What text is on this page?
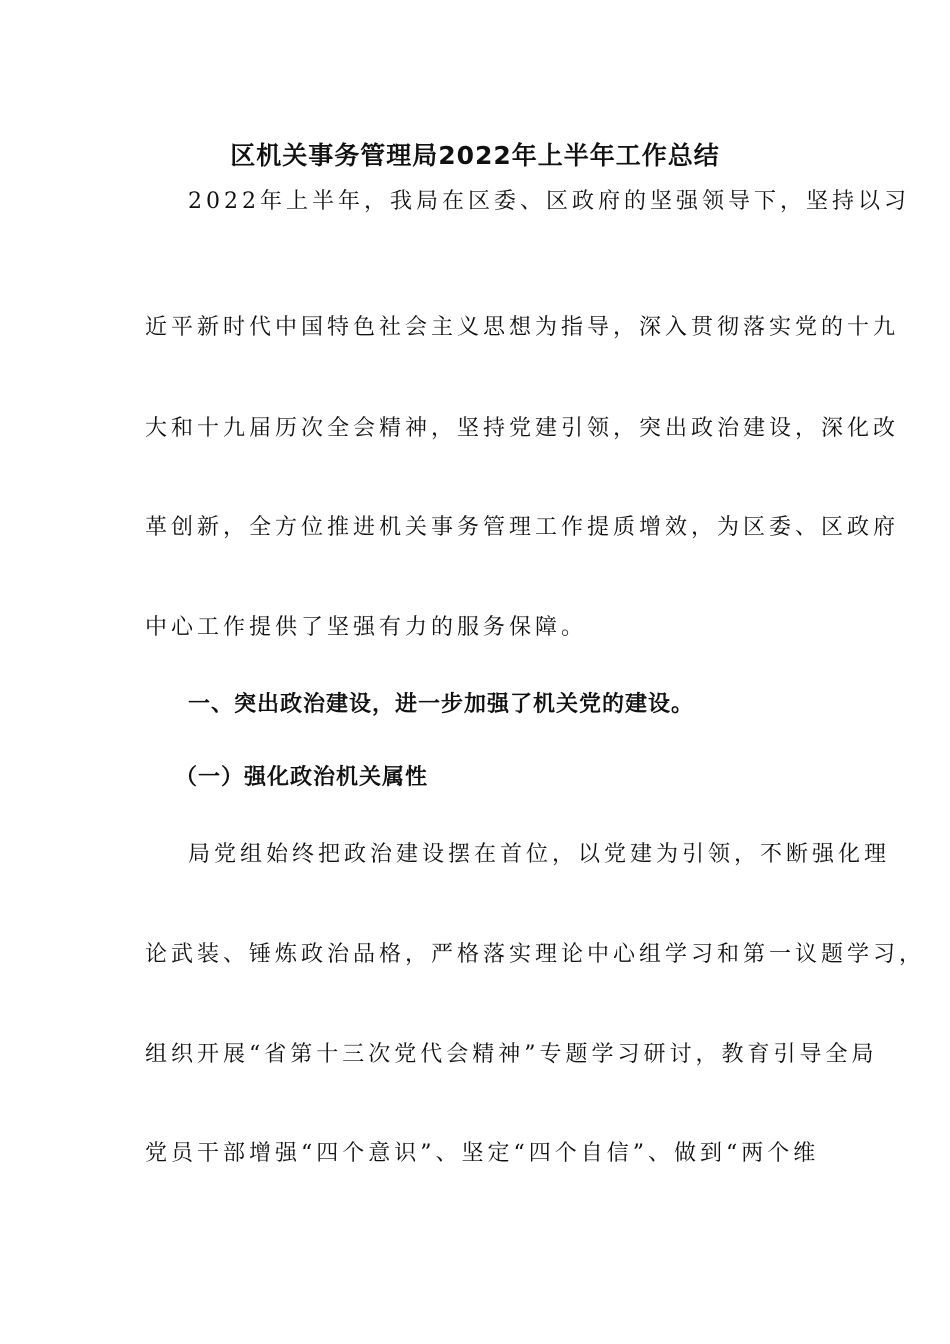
区机关事务管理局2022年上半年工作总结
2022年上半年，我局在区委、区政府的坚强领导下，坚持以习
近平新时代中国特色社会主义思想为指导，深入贯彻落实党的十九
大和十九届历次全会精神，坚持党建引领，突出政治建设，深化改
革创新，全方位推进机关事务管理工作提质增效，为区委、区政府
中心工作提供了坚强有力的服务保障。
一、突出政治建设，进一步加强了机关党的建设。
（一）强化政治机关属性
局党组始终把政治建设摆在首位，以党建为引领，不断强化理
论武装、锤炼政治品格，严格落实理论中心组学习和第一议题学习，
组织开展“省第十三次党代会精神”专题学习研讨，教育引导全局
党员干部增强“四个意识”、坚定“四个自信”、做到“两个维
